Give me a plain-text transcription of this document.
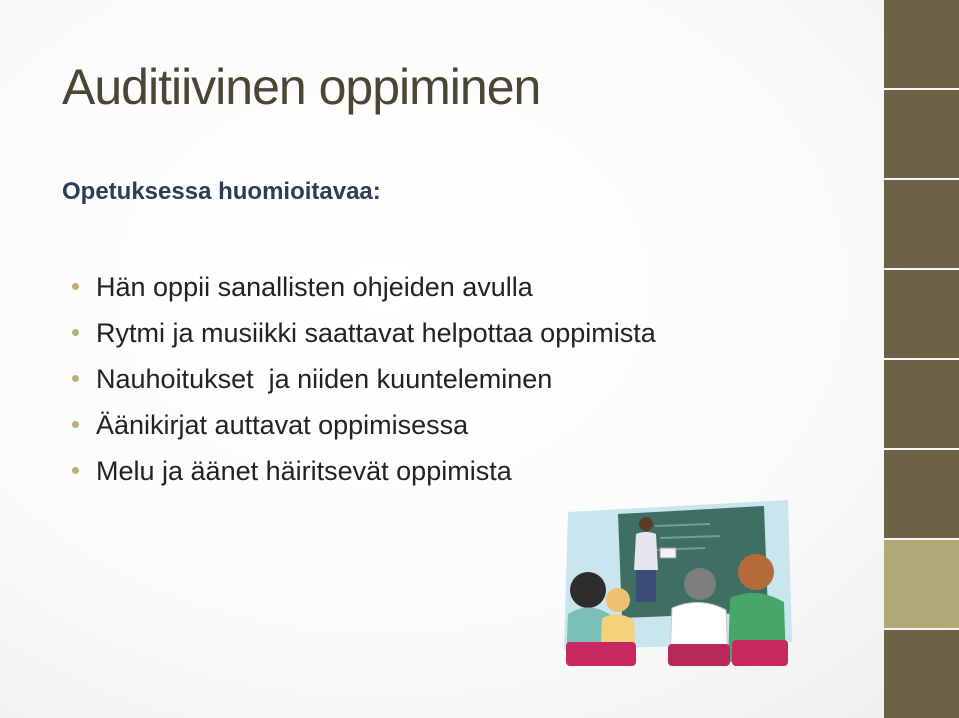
Auditiivinen oppiminen
Opetuksessa huomioitavaa:
Hän oppii sanallisten ohjeiden avulla
Rytmi ja musiikki saattavat helpottaa oppimista
Nauhoitukset  ja niiden kuunteleminen
Äänikirjat auttavat oppimisessa
Melu ja äänet häiritsevät oppimista
